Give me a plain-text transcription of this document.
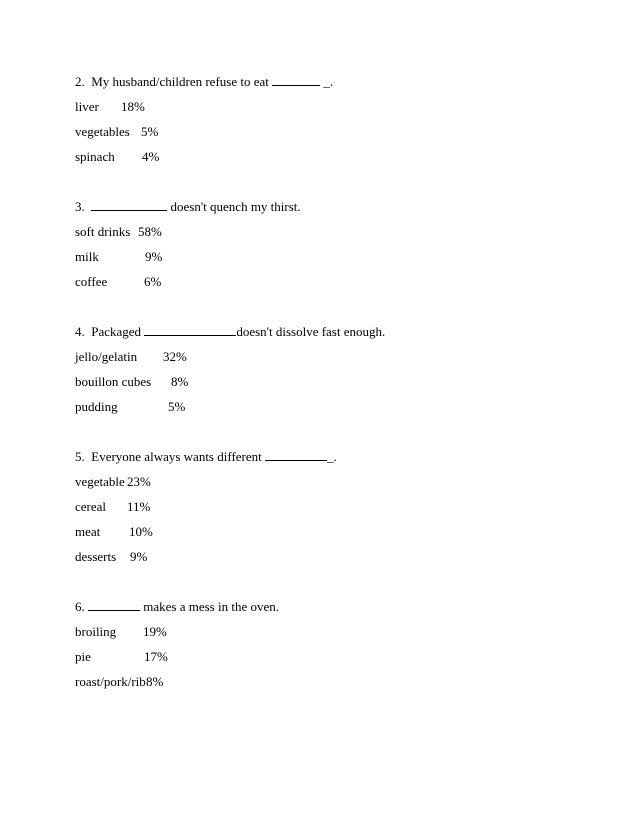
2.  My husband/children refuse to eat	_.
liver 18%
vegetables 5%
spinach 4%
3.	doesn't quench my thirst.
soft drinks 58%
milk	9%
coffee	6%
4.  Packaged	doesn't dissolve fast enough.
jello/gelatin 32%
bouillon cubes 8%
pudding	5%
5.  Everyone always wants different	_.
vegetable 23%
cereal 11%
meat 10%
desserts 9%
6.	makes a mess in the oven.
broiling 19%
pie	17%
roast/pork/rib8%
